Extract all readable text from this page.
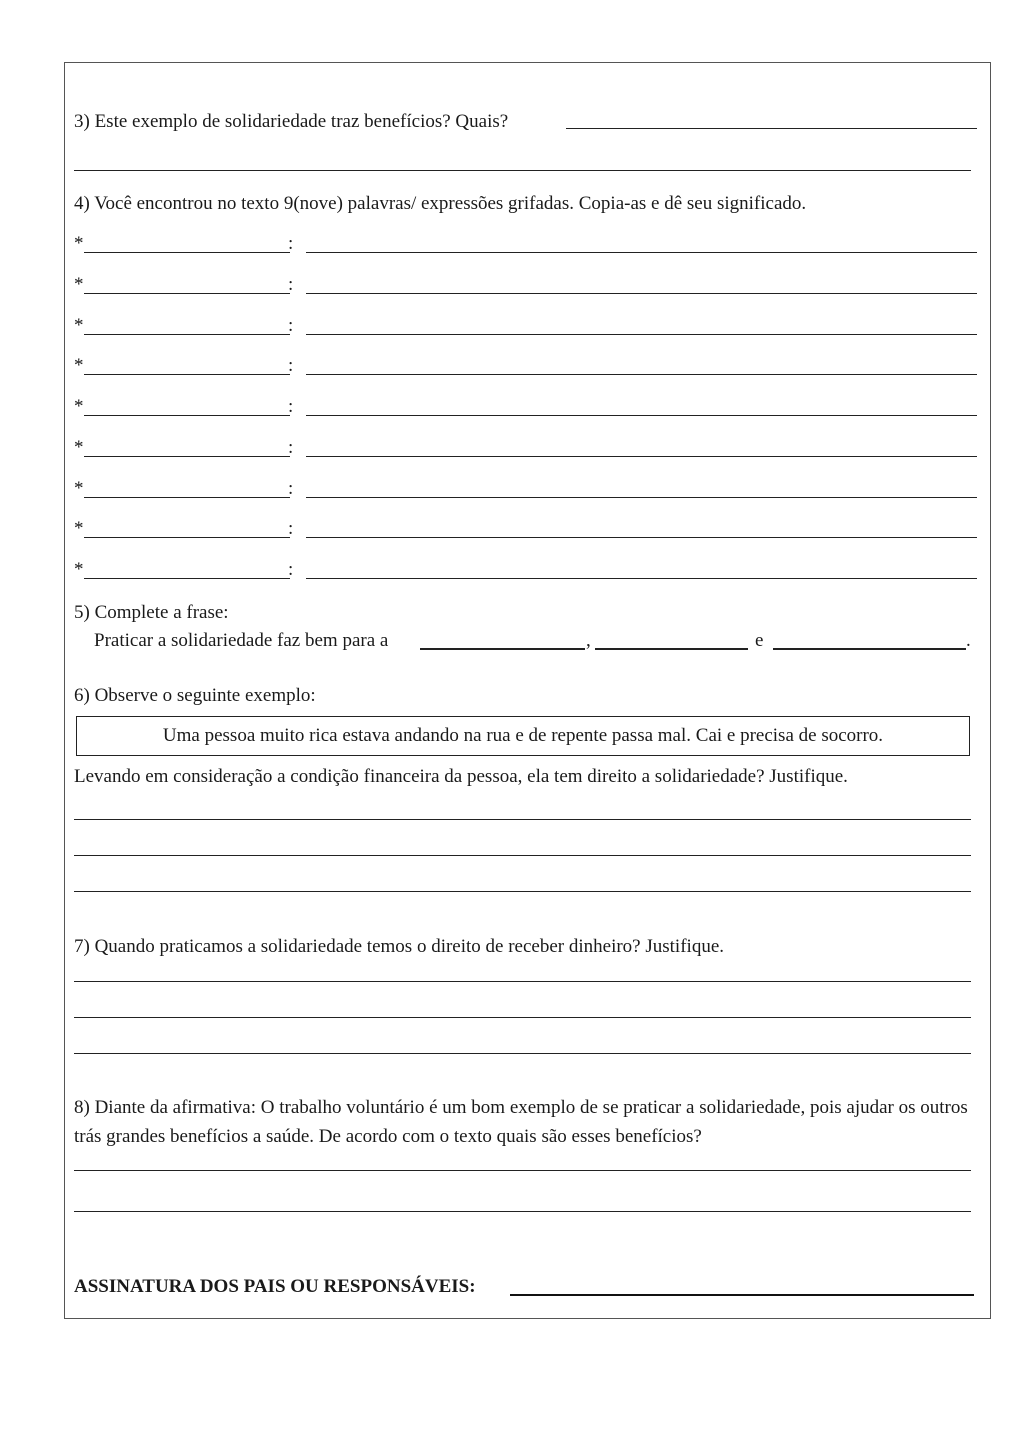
3) Este exemplo de solidariedade traz benefícios? Quais?
4) Você encontrou no texto 9(nove) palavras/ expressões grifadas. Copia-as e dê seu significado.
*	:
*	:
*	:
*	:
*	:
*	:
*	:
*	:
*	:
5) Complete a frase:
Praticar a solidariedade faz bem para a	,	e	.
6) Observe o seguinte exemplo:
Uma pessoa muito rica estava andando na rua e de repente passa mal. Cai e precisa de socorro.
Levando em consideração a condição financeira da pessoa, ela tem direito a solidariedade? Justifique.
7) Quando praticamos a solidariedade temos o direito de receber dinheiro? Justifique.
8) Diante da afirmativa: O trabalho voluntário é um bom exemplo de se praticar a solidariedade, pois ajudar os outros trás grandes benefícios a saúde. De acordo com o texto quais são esses benefícios?
ASSINATURA DOS PAIS OU RESPONSÁVEIS:
